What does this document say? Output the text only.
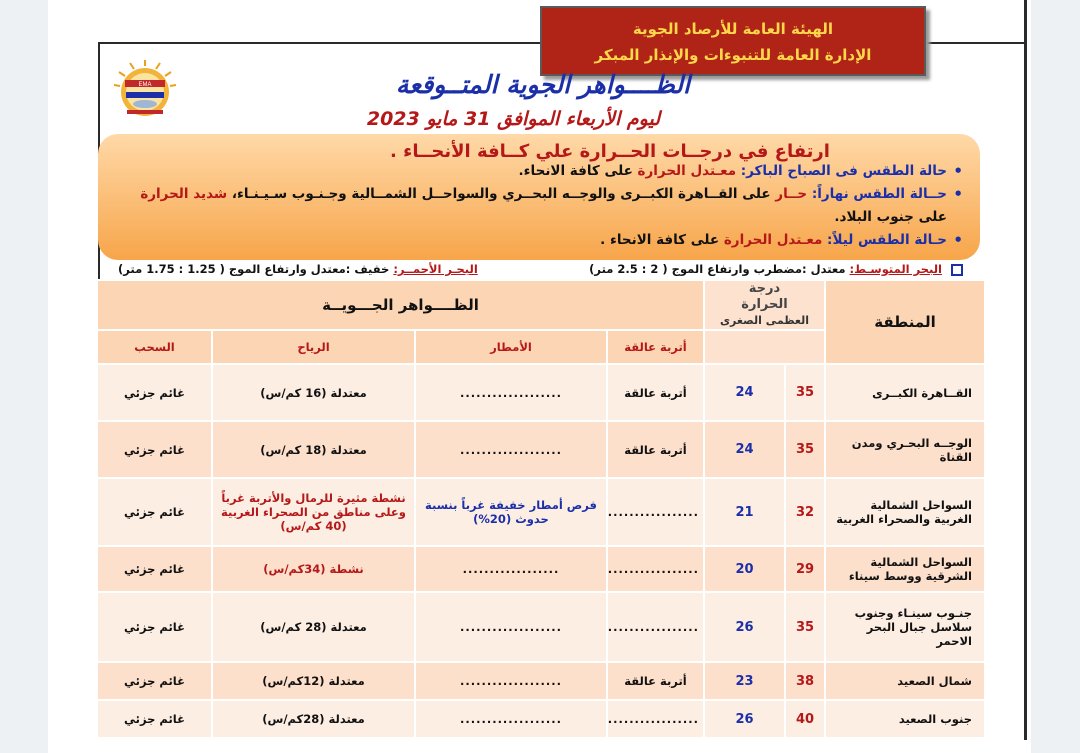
الهيئة العامة للأرصاد الجوية
الإدارة العامة للتنبوءات والإنذار المبكر
EMA	الظــــواهر الجوية المتــوقعة
ليوم الأربعاء الموافق 31 مايو 2023
ارتفاع في درجــات الحــرارة علي كــافة الأنحــاء .
• حالة الطقس فى الصباح الباكر: معـتدل الحرارة على كافة الانحاء.
• حــالة الطقس نهاراً: حــار على القــاهرة الكبــرى والوجــه البحــري والسواحــل الشمــالية وجـنـوب سـيـنـاء، شديد الحرارة على جنوب البلاد.
• حـالة الطقس ليلاً: معـتدل الحرارة على كافة الانحاء .
البحر المتوسـط: معتدل :مضطرب وارتفاع الموج ( 2 : 2.5 متر)
البحـر الأحمــر: خفيف :معتدل وارتفاع الموج ( 1.25 : 1.75 متر)
المنطقة	درجة الحرارة
العظمى الصغرى		الظــــواهر الجـــويــة			
			أتربة عالقة	الأمطار	الرياح	السحب
القــاهرة الكبــرى	35	24	أتربة عالقة	...................	معتدلة (16 كم/س)	غائم جزئي
الوجــه البحـري ومدن القناة	35	24	أتربة عالقة	...................	معتدلة (18 كم/س)	غائم جزئي
السواحل الشمالية الغربية والصحراء الغربية	32	21	.................	فرص أمطار خفيفة غرباً بنسبة حدوث (20%)	نشطة مثيرة للرمال والأتربة غرباً وعلى مناطق من الصحراء الغربية (40 كم/س)	غائم جزئي
السواحل الشمالية الشرقية ووسط سيناء	29	20	.................	..................	نشطة (34كم/س)	غائم جزئي
جنـوب سينـاء وجنوب سلاسل جبال البحر الاحمر	35	26	.................	...................	معتدلة (28 كم/س)	غائم جزئي
شمال الصعيد	38	23	أتربة عالقة	...................	معتدلة (12كم/س)	غائم جزئي
جنوب الصعيد	40	26	.................	...................	معتدلة (28كم/س)	غائم جزئي
